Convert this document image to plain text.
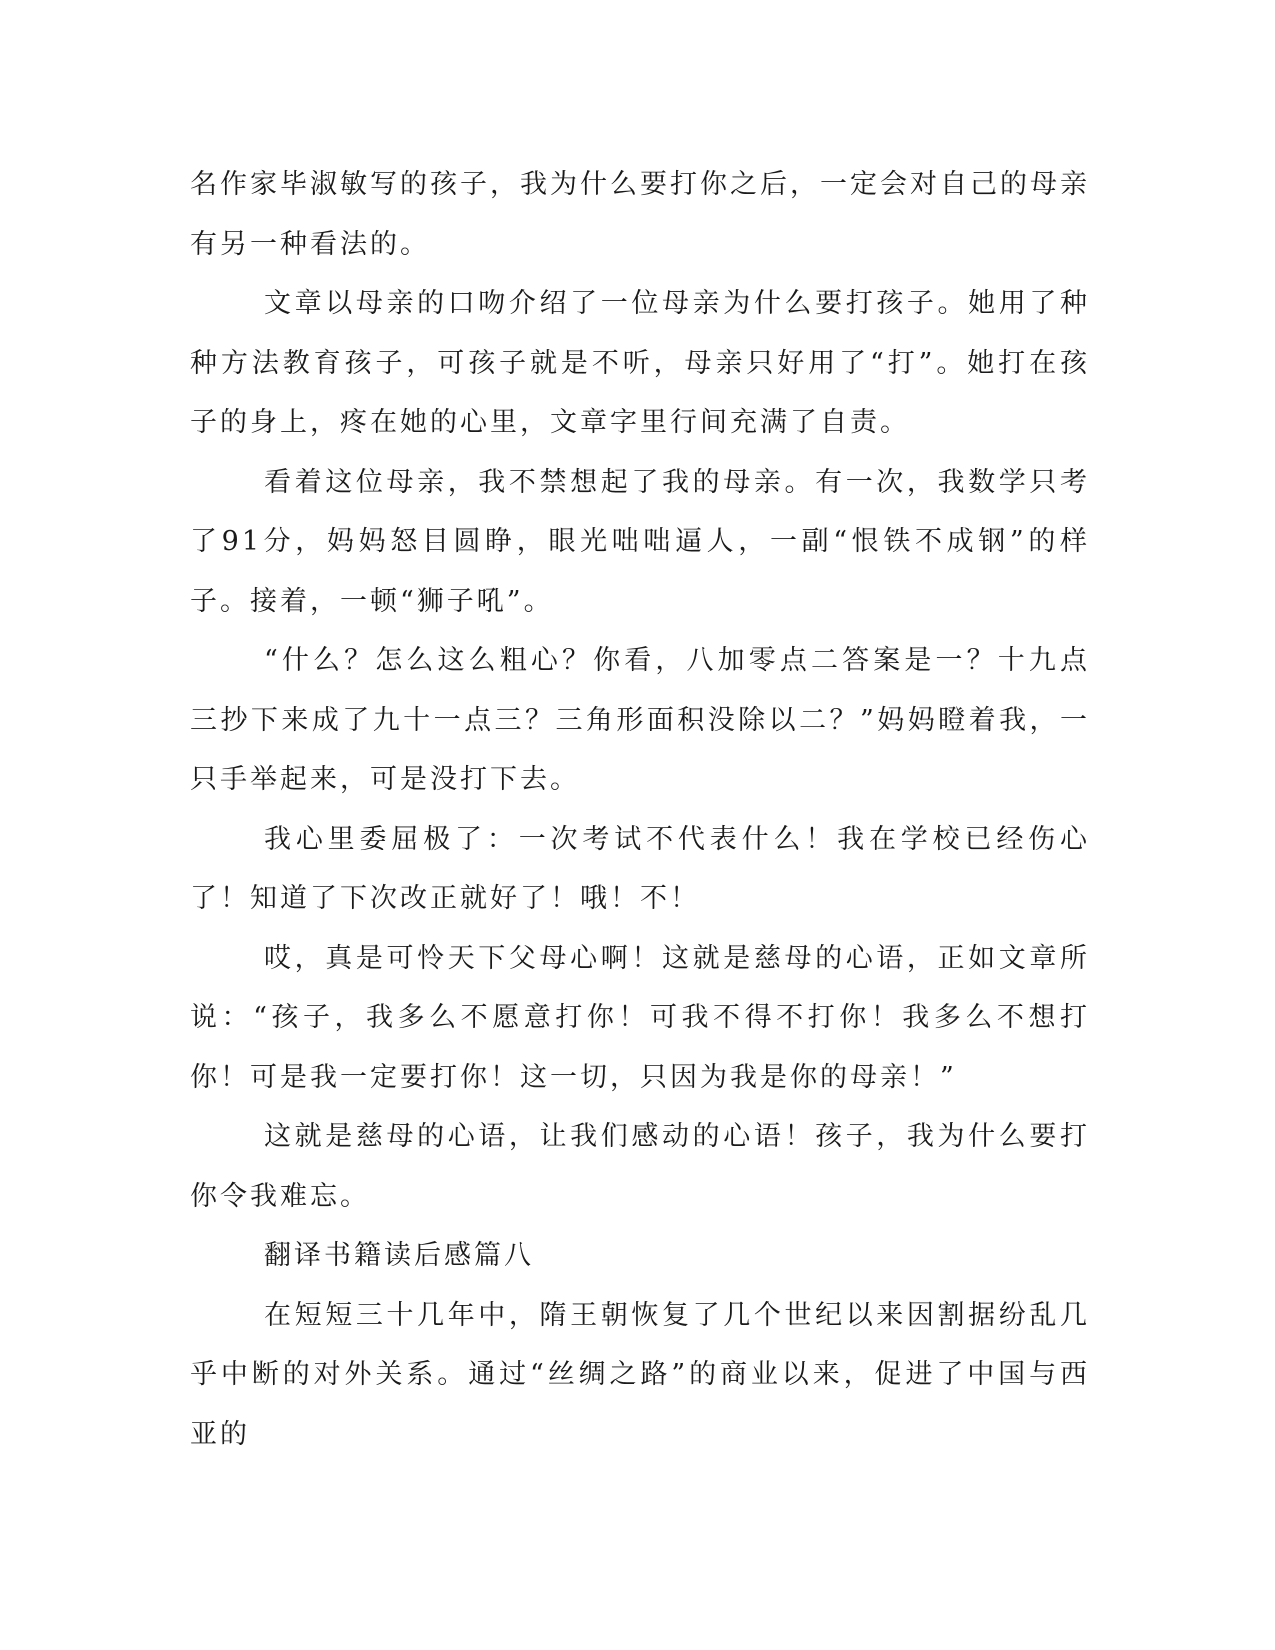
名作家毕淑敏写的孩子，我为什么要打你之后，一定会对自己的母亲有另一种看法的。

文章以母亲的口吻介绍了一位母亲为什么要打孩子。她用了种种方法教育孩子，可孩子就是不听，母亲只好用了“打”。她打在孩子的身上，疼在她的心里，文章字里行间充满了自责。

看着这位母亲，我不禁想起了我的母亲。有一次，我数学只考了91分，妈妈怒目圆睁，眼光咄咄逼人，一副“恨铁不成钢”的样子。接着，一顿“狮子吼”。

“什么？怎么这么粗心？你看，八加零点二答案是一？十九点三抄下来成了九十一点三？三角形面积没除以二？”妈妈瞪着我，一只手举起来，可是没打下去。

我心里委屈极了：一次考试不代表什么！我在学校已经伤心了！知道了下次改正就好了！哦！不！

哎，真是可怜天下父母心啊！这就是慈母的心语，正如文章所说：“孩子，我多么不愿意打你！可我不得不打你！我多么不想打你！可是我一定要打你！这一切，只因为我是你的母亲！”

这就是慈母的心语，让我们感动的心语！孩子，我为什么要打你令我难忘。

翻译书籍读后感篇八

在短短三十几年中，隋王朝恢复了几个世纪以来因割据纷乱几乎中断的对外关系。通过“丝绸之路”的商业以来，促进了中国与西亚的
